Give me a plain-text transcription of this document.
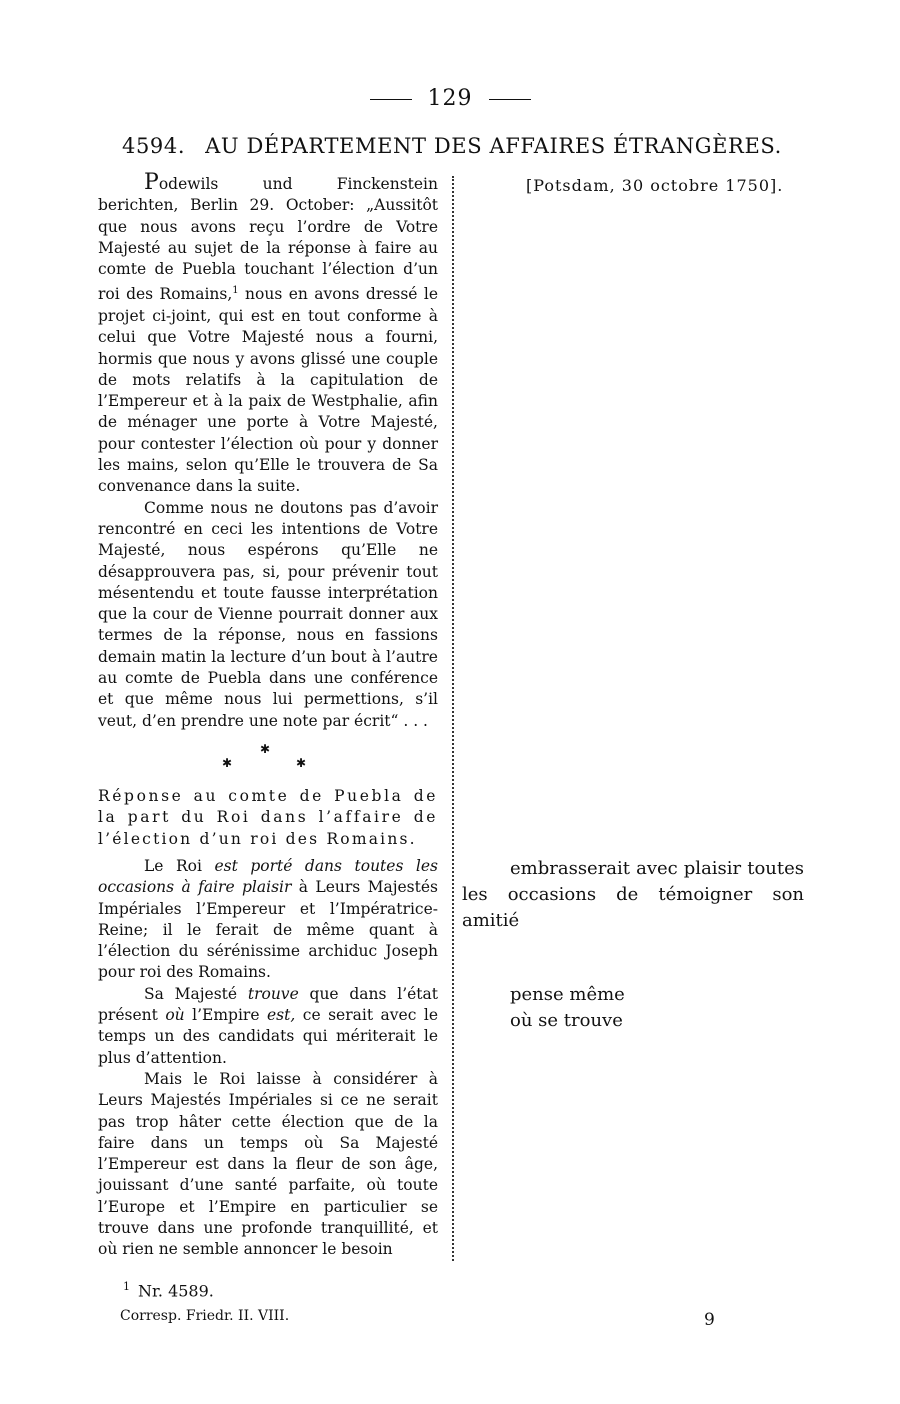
129
4594. AU DÉPARTEMENT DES AFFAIRES ÉTRANGÈRES.
[Potsdam, 30 octobre 1750].

Podewils und Finckenstein berichten, Berlin 29. October: „Aussitôt que nous avons reçu l’ordre de Votre Majesté au sujet de la réponse à faire au comte de Puebla touchant l’élection d’un roi des Romains,$^1$ nous en avons dressé le projet ci-joint, qui est en tout conforme à celui que Votre Majesté nous a fourni, hormis que nous y avons glissé une couple de mots relatifs à la capitulation de l’Empereur et à la paix de Westphalie, afin de ménager une porte à Votre Majesté, pour contester l’élection où pour y donner les mains, selon qu’Elle le trouvera de Sa convenance dans la suite.

Comme nous ne doutons pas d’avoir rencontré en ceci les intentions de Votre Majesté, nous espérons qu’Elle ne désapprouvera pas, si, pour prévenir tout mésentendu et toute fausse interprétation que la cour de Vienne pourrait donner aux termes de la réponse, nous en fassions demain matin la lecture d’un bout à l’autre au comte de Puebla dans une conférence et que même nous lui permettions, s’il veut, d’en prendre une note par écrit“ . . .

✱
✱	✱

Réponse au comte de Puebla de

la part du Roi dans l’affaire de

l’élection d’un roi des Romains.

Le Roi est porté dans toutes les occasions à faire plaisir à Leurs Majestés Impériales l’Empereur et l’Impératrice-Reine; il le ferait de même quant à l’élection du sérénissime archiduc Joseph pour roi des Romains.

Sa Majesté trouve que dans l’état présent où l’Empire est, ce serait avec le temps un des candidats qui mériterait le plus d’attention.

Mais le Roi laisse à considérer à Leurs Majestés Impériales si ce ne serait pas trop hâter cette élection que de la faire dans un temps où Sa Majesté l’Empereur est dans la fleur de son âge, jouissant d’une santé parfaite, où toute l’Europe et l’Empire en particulier se trouve dans une profonde tranquillité, et où rien ne semble annoncer le besoin

embrasserait avec plaisir toutes

les occasions de témoigner son amitié

pense même

où se trouve

$^1$ Nr. 4589.
Corresp. Friedr. II. VIII.	9
